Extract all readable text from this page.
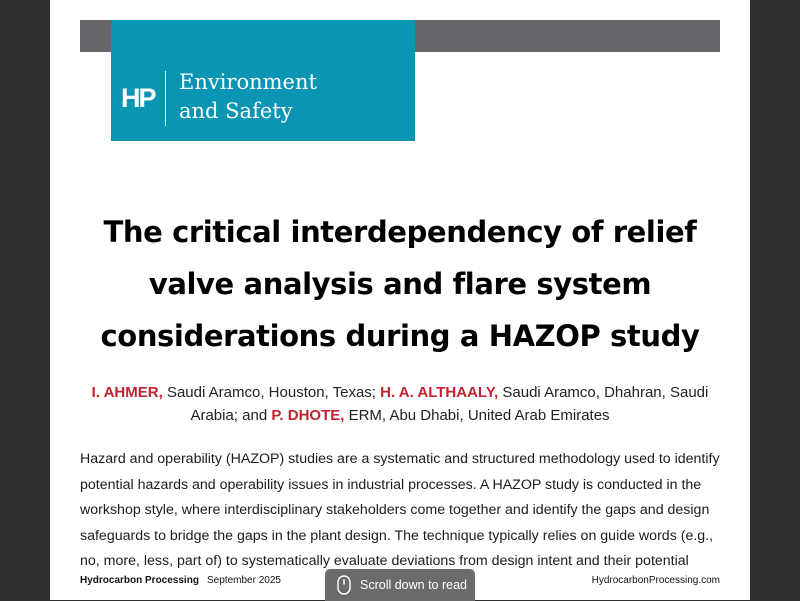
HP
Environment
and Safety
The critical interdependency of relief valve analysis and flare system considerations during a HAZOP study
I. AHMER, Saudi Aramco, Houston, Texas; H. A. ALTHAALY, Saudi Aramco, Dhahran, Saudi Arabia; and P. DHOTE, ERM, Abu Dhabi, United Arab Emirates

Hazard and operability (HAZOP) studies are a systematic and structured methodology used to identify potential hazards and operability issues in industrial processes. A HAZOP study is conducted in the workshop style, where interdisciplinary stakeholders come together and identify the gaps and design safeguards to bridge the gaps in the plant design. The technique typically relies on guide words (e.g., no, more, less, part of) to systematically evaluate deviations from design intent and their potential

Hydrocarbon Processing September 2025	HydrocarbonProcessing.com
Scroll down to read
